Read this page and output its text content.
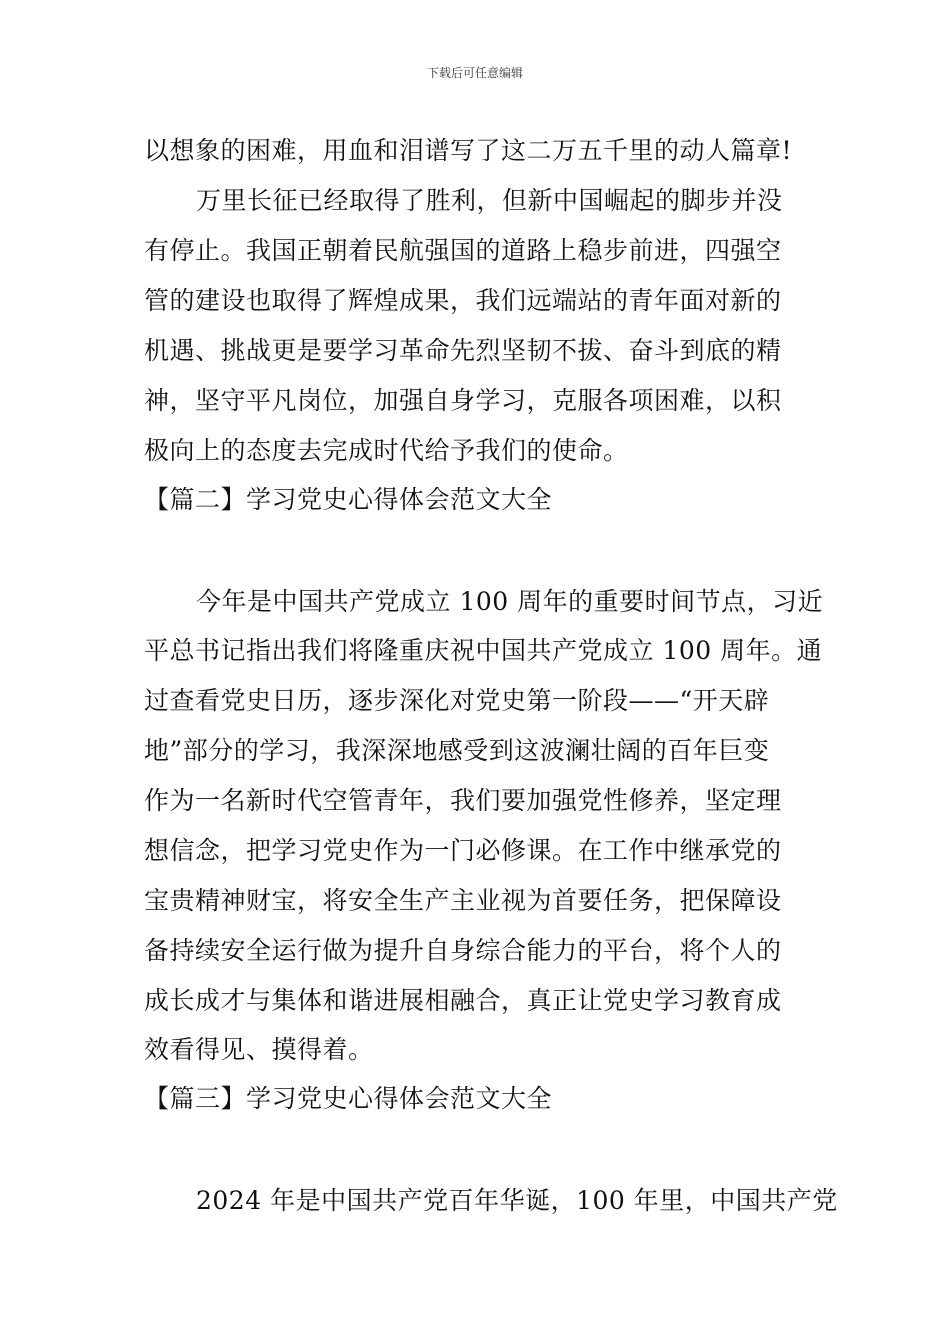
下载后可任意编辑
以想象的困难，用血和泪谱写了这二万五千里的动人篇章!
万里长征已经取得了胜利，但新中国崛起的脚步并没
有停止。我国正朝着民航强国的道路上稳步前进，四强空
管的建设也取得了辉煌成果，我们远端站的青年面对新的
机遇、挑战更是要学习革命先烈坚韧不拔、奋斗到底的精
神，坚守平凡岗位，加强自身学习，克服各项困难，以积
极向上的态度去完成时代给予我们的使命。
【篇二】学习党史心得体会范文大全
今年是中国共产党成立 100 周年的重要时间节点，习近
平总书记指出我们将隆重庆祝中国共产党成立 100 周年。通
过查看党史日历，逐步深化对党史第一阶段——“开天辟
地”部分的学习，我深深地感受到这波澜壮阔的百年巨变
作为一名新时代空管青年，我们要加强党性修养，坚定理
想信念，把学习党史作为一门必修课。在工作中继承党的
宝贵精神财宝，将安全生产主业视为首要任务，把保障设
备持续安全运行做为提升自身综合能力的平台，将个人的
成长成才与集体和谐进展相融合，真正让党史学习教育成
效看得见、摸得着。
【篇三】学习党史心得体会范文大全
2024 年是中国共产党百年华诞，100 年里，中国共产党
